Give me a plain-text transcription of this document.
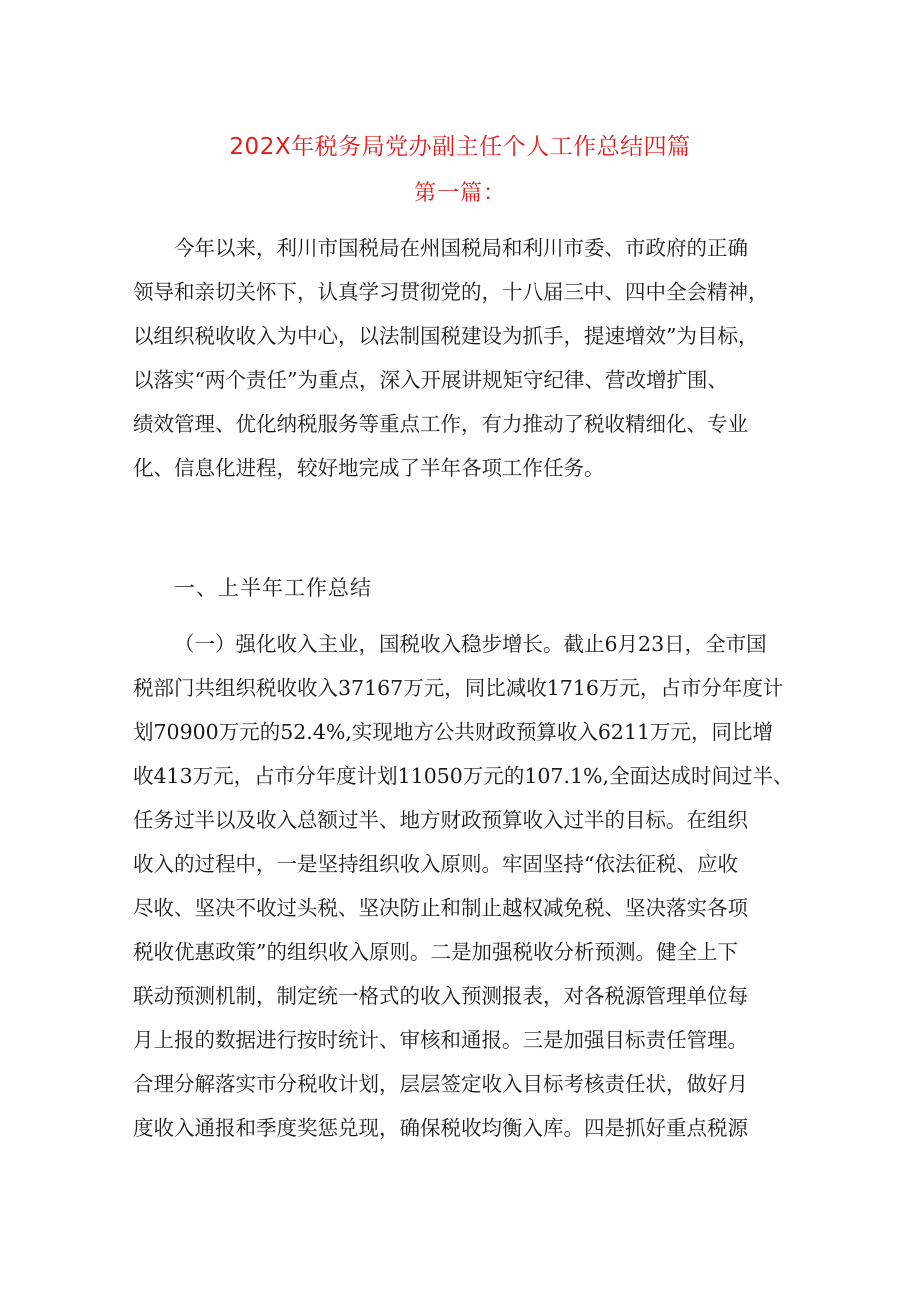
202X年税务局党办副主任个人工作总结四篇
第一篇：
今年以来，利川市国税局在州国税局和利川市委、市政府的正确
领导和亲切关怀下，认真学习贯彻党的，十八届三中、四中全会精神，
以组织税收收入为中心，以法制国税建设为抓手，提速增效”为目标，
以落实“两个责任”为重点，深入开展讲规矩守纪律、营改增扩围、
绩效管理、优化纳税服务等重点工作，有力推动了税收精细化、专业
化、信息化进程，较好地完成了半年各项工作任务。
一、上半年工作总结
（一）强化收入主业，国税收入稳步增长。截止6月23日，全市国
税部门共组织税收收入37167万元，同比减收1716万元，占市分年度计
划70900万元的52.4%,实现地方公共财政预算收入6211万元，同比增
收413万元，占市分年度计划11050万元的107.1%,全面达成时间过半、
任务过半以及收入总额过半、地方财政预算收入过半的目标。在组织
收入的过程中，一是坚持组织收入原则。牢固坚持“依法征税、应收
尽收、坚决不收过头税、坚决防止和制止越权减免税、坚决落实各项
税收优惠政策”的组织收入原则。二是加强税收分析预测。健全上下
联动预测机制，制定统一格式的收入预测报表，对各税源管理单位每
月上报的数据进行按时统计、审核和通报。三是加强目标责任管理。
合理分解落实市分税收计划，层层签定收入目标考核责任状，做好月
度收入通报和季度奖惩兑现，确保税收均衡入库。四是抓好重点税源
